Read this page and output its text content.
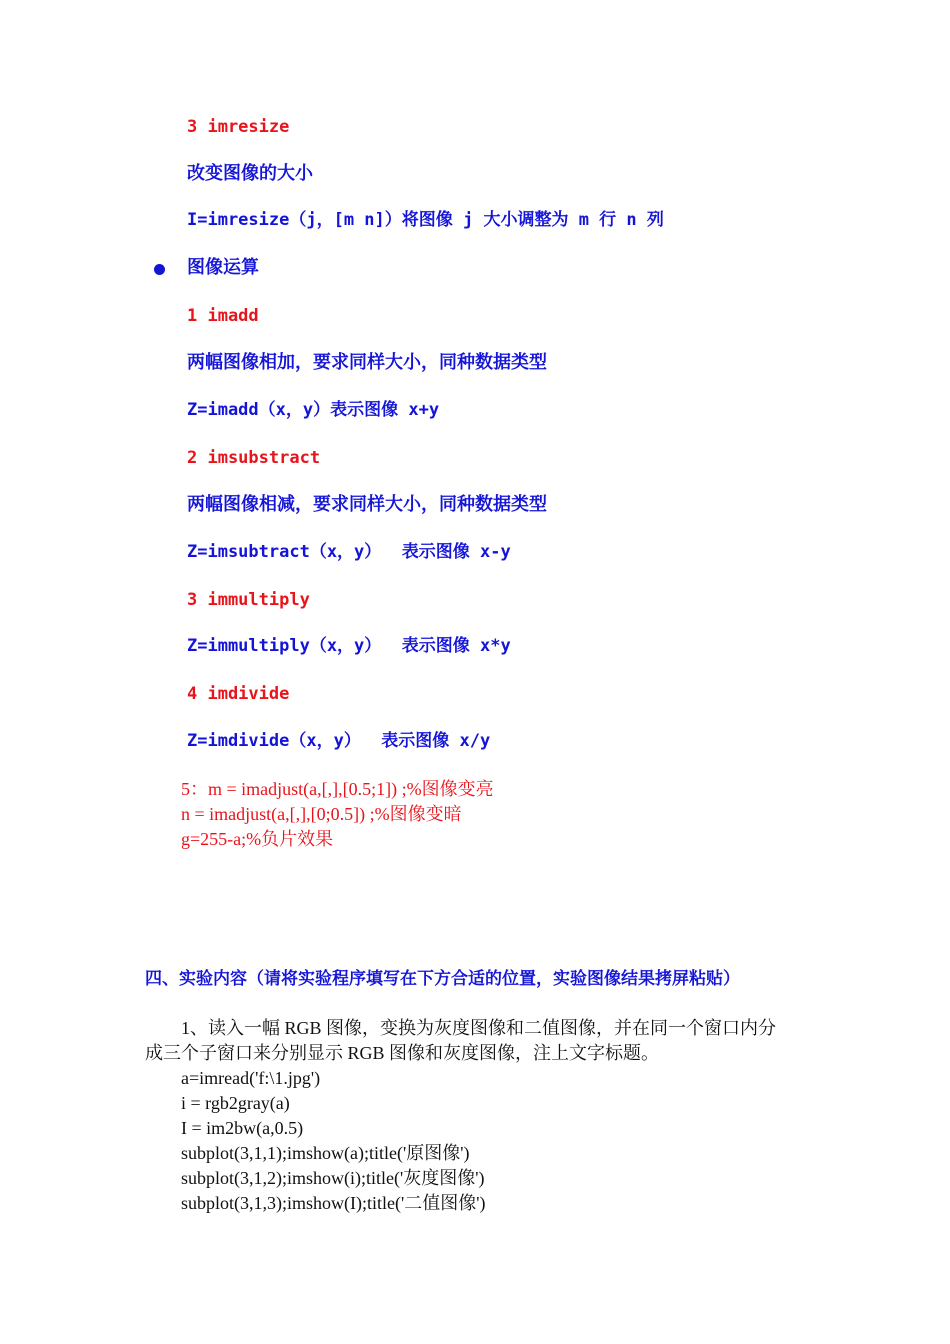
3 imresize
改变图像的大小
I=imresize（j，[m n]）将图像 j 大小调整为 m 行 n 列
图像运算
1 imadd
两幅图像相加，要求同样大小，同种数据类型
Z=imadd（x，y）表示图像 x+y
2 imsubstract
两幅图像相减，要求同样大小，同种数据类型
Z=imsubtract（x，y）  表示图像 x-y
3 immultiply
Z=immultiply（x，y）  表示图像 x*y
4 imdivide
Z=imdivide（x，y）  表示图像 x/y
5：m = imadjust(a,[,],[0.5;1]) ;%图像变亮
n = imadjust(a,[,],[0;0.5]) ;%图像变暗
g=255-a;%负片效果
四、实验内容（请将实验程序填写在下方合适的位置，实验图像结果拷屏粘贴）
1、读入一幅 RGB 图像，变换为灰度图像和二值图像，并在同一个窗口内分
成三个子窗口来分别显示 RGB 图像和灰度图像，注上文字标题。
a=imread('f:\1.jpg')
i = rgb2gray(a)
I = im2bw(a,0.5)
subplot(3,1,1);imshow(a);title('原图像')
subplot(3,1,2);imshow(i);title('灰度图像')
subplot(3,1,3);imshow(I);title('二值图像')
